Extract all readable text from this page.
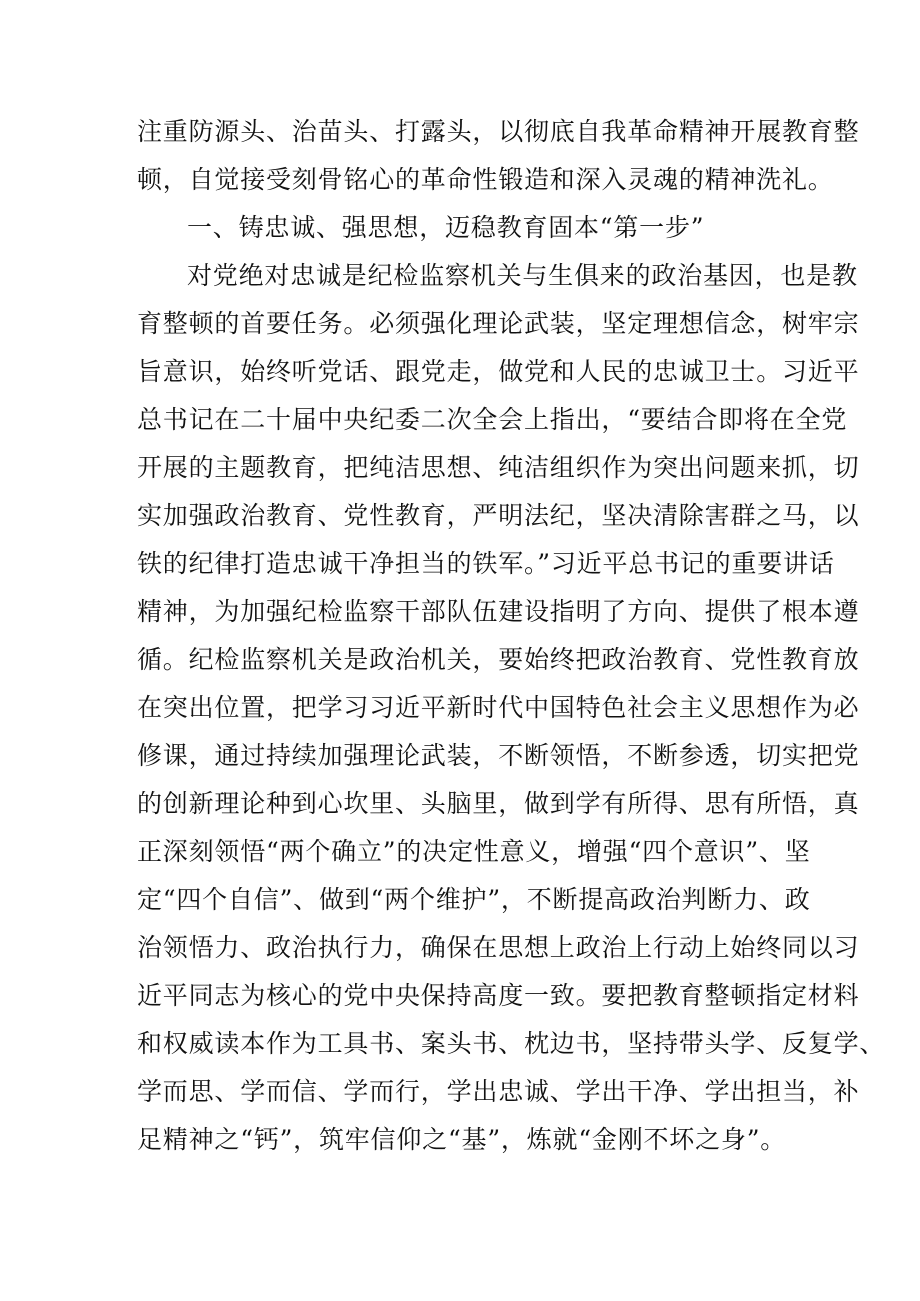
注重防源头、治苗头、打露头，以彻底自我革命精神开展教育整

顿，自觉接受刻骨铭心的革命性锻造和深入灵魂的精神洗礼。

一、铸忠诚、强思想，迈稳教育固本“第一步”

对党绝对忠诚是纪检监察机关与生俱来的政治基因，也是教

育整顿的首要任务。必须强化理论武装，坚定理想信念，树牢宗

旨意识，始终听党话、跟党走，做党和人民的忠诚卫士。习近平

总书记在二十届中央纪委二次全会上指出，“要结合即将在全党

开展的主题教育，把纯洁思想、纯洁组织作为突出问题来抓，切

实加强政治教育、党性教育，严明法纪，坚决清除害群之马，以

铁的纪律打造忠诚干净担当的铁军。”习近平总书记的重要讲话

精神，为加强纪检监察干部队伍建设指明了方向、提供了根本遵

循。纪检监察机关是政治机关，要始终把政治教育、党性教育放

在突出位置，把学习习近平新时代中国特色社会主义思想作为必

修课，通过持续加强理论武装，不断领悟，不断参透，切实把党

的创新理论种到心坎里、头脑里，做到学有所得、思有所悟，真

正深刻领悟“两个确立”的决定性意义，增强“四个意识”、坚

定“四个自信”、做到“两个维护”，不断提高政治判断力、政

治领悟力、政治执行力，确保在思想上政治上行动上始终同以习

近平同志为核心的党中央保持高度一致。要把教育整顿指定材料

和权威读本作为工具书、案头书、枕边书，坚持带头学、反复学、

学而思、学而信、学而行，学出忠诚、学出干净、学出担当，补

足精神之“钙”，筑牢信仰之“基”，炼就“金刚不坏之身”。
